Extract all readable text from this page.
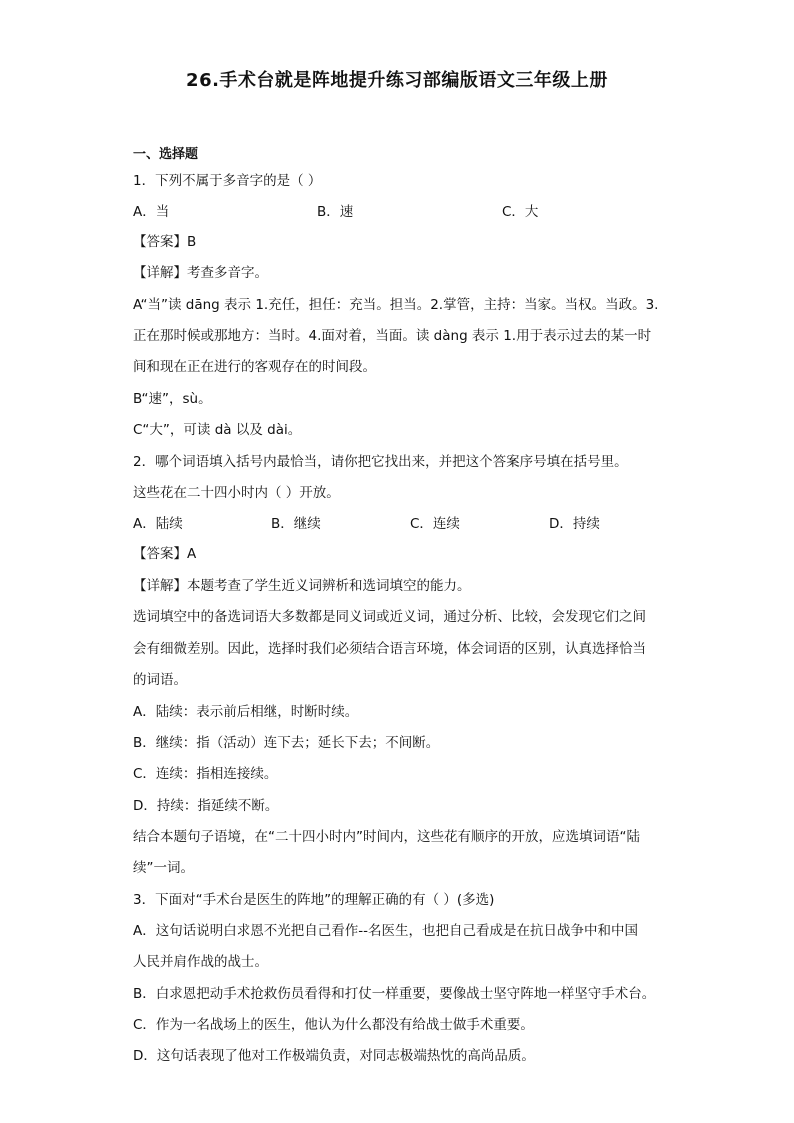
26.手术台就是阵地提升练习部编版语文三年级上册
一、选择题
1．下列不属于多音字的是（ ）
A．当	B．速	C．大
【答案】B
【详解】考查多音字。
A“当”读 dāng 表示 1.充任，担任：充当。担当。2.掌管，主持：当家。当权。当政。3.
正在那时候或那地方：当时。4.面对着，当面。读 dàng 表示 1.用于表示过去的某一时
间和现在正在进行的客观存在的时间段。
B“速”，sù。
C“大”，可读 dà 以及 dài。
2．哪个词语填入括号内最恰当，请你把它找出来，并把这个答案序号填在括号里。
这些花在二十四小时内（ ）开放。
A．陆续	B．继续	C．连续	D．持续
【答案】A
【详解】本题考查了学生近义词辨析和选词填空的能力。
选词填空中的备选词语大多数都是同义词或近义词，通过分析、比较，会发现它们之间
会有细微差别。因此，选择时我们必须结合语言环境，体会词语的区别，认真选择恰当
的词语。
A．陆续：表示前后相继，时断时续。
B．继续：指（活动）连下去；延长下去；不间断。
C．连续：指相连接续。
D．持续：指延续不断。
结合本题句子语境，在“二十四小时内”时间内，这些花有顺序的开放，应选填词语“陆
续”一词。
3．下面对“手术台是医生的阵地”的理解正确的有（ ）(多选)
A．这句话说明白求恩不光把自己看作--名医生，也把自己看成是在抗日战争中和中国
人民并肩作战的战士。
B．白求恩把动手术抢救伤员看得和打仗一样重要，要像战士坚守阵地一样坚守手术台。
C．作为一名战场上的医生，他认为什么都没有给战士做手术重要。
D．这句话表现了他对工作极端负责，对同志极端热忱的高尚品质。
